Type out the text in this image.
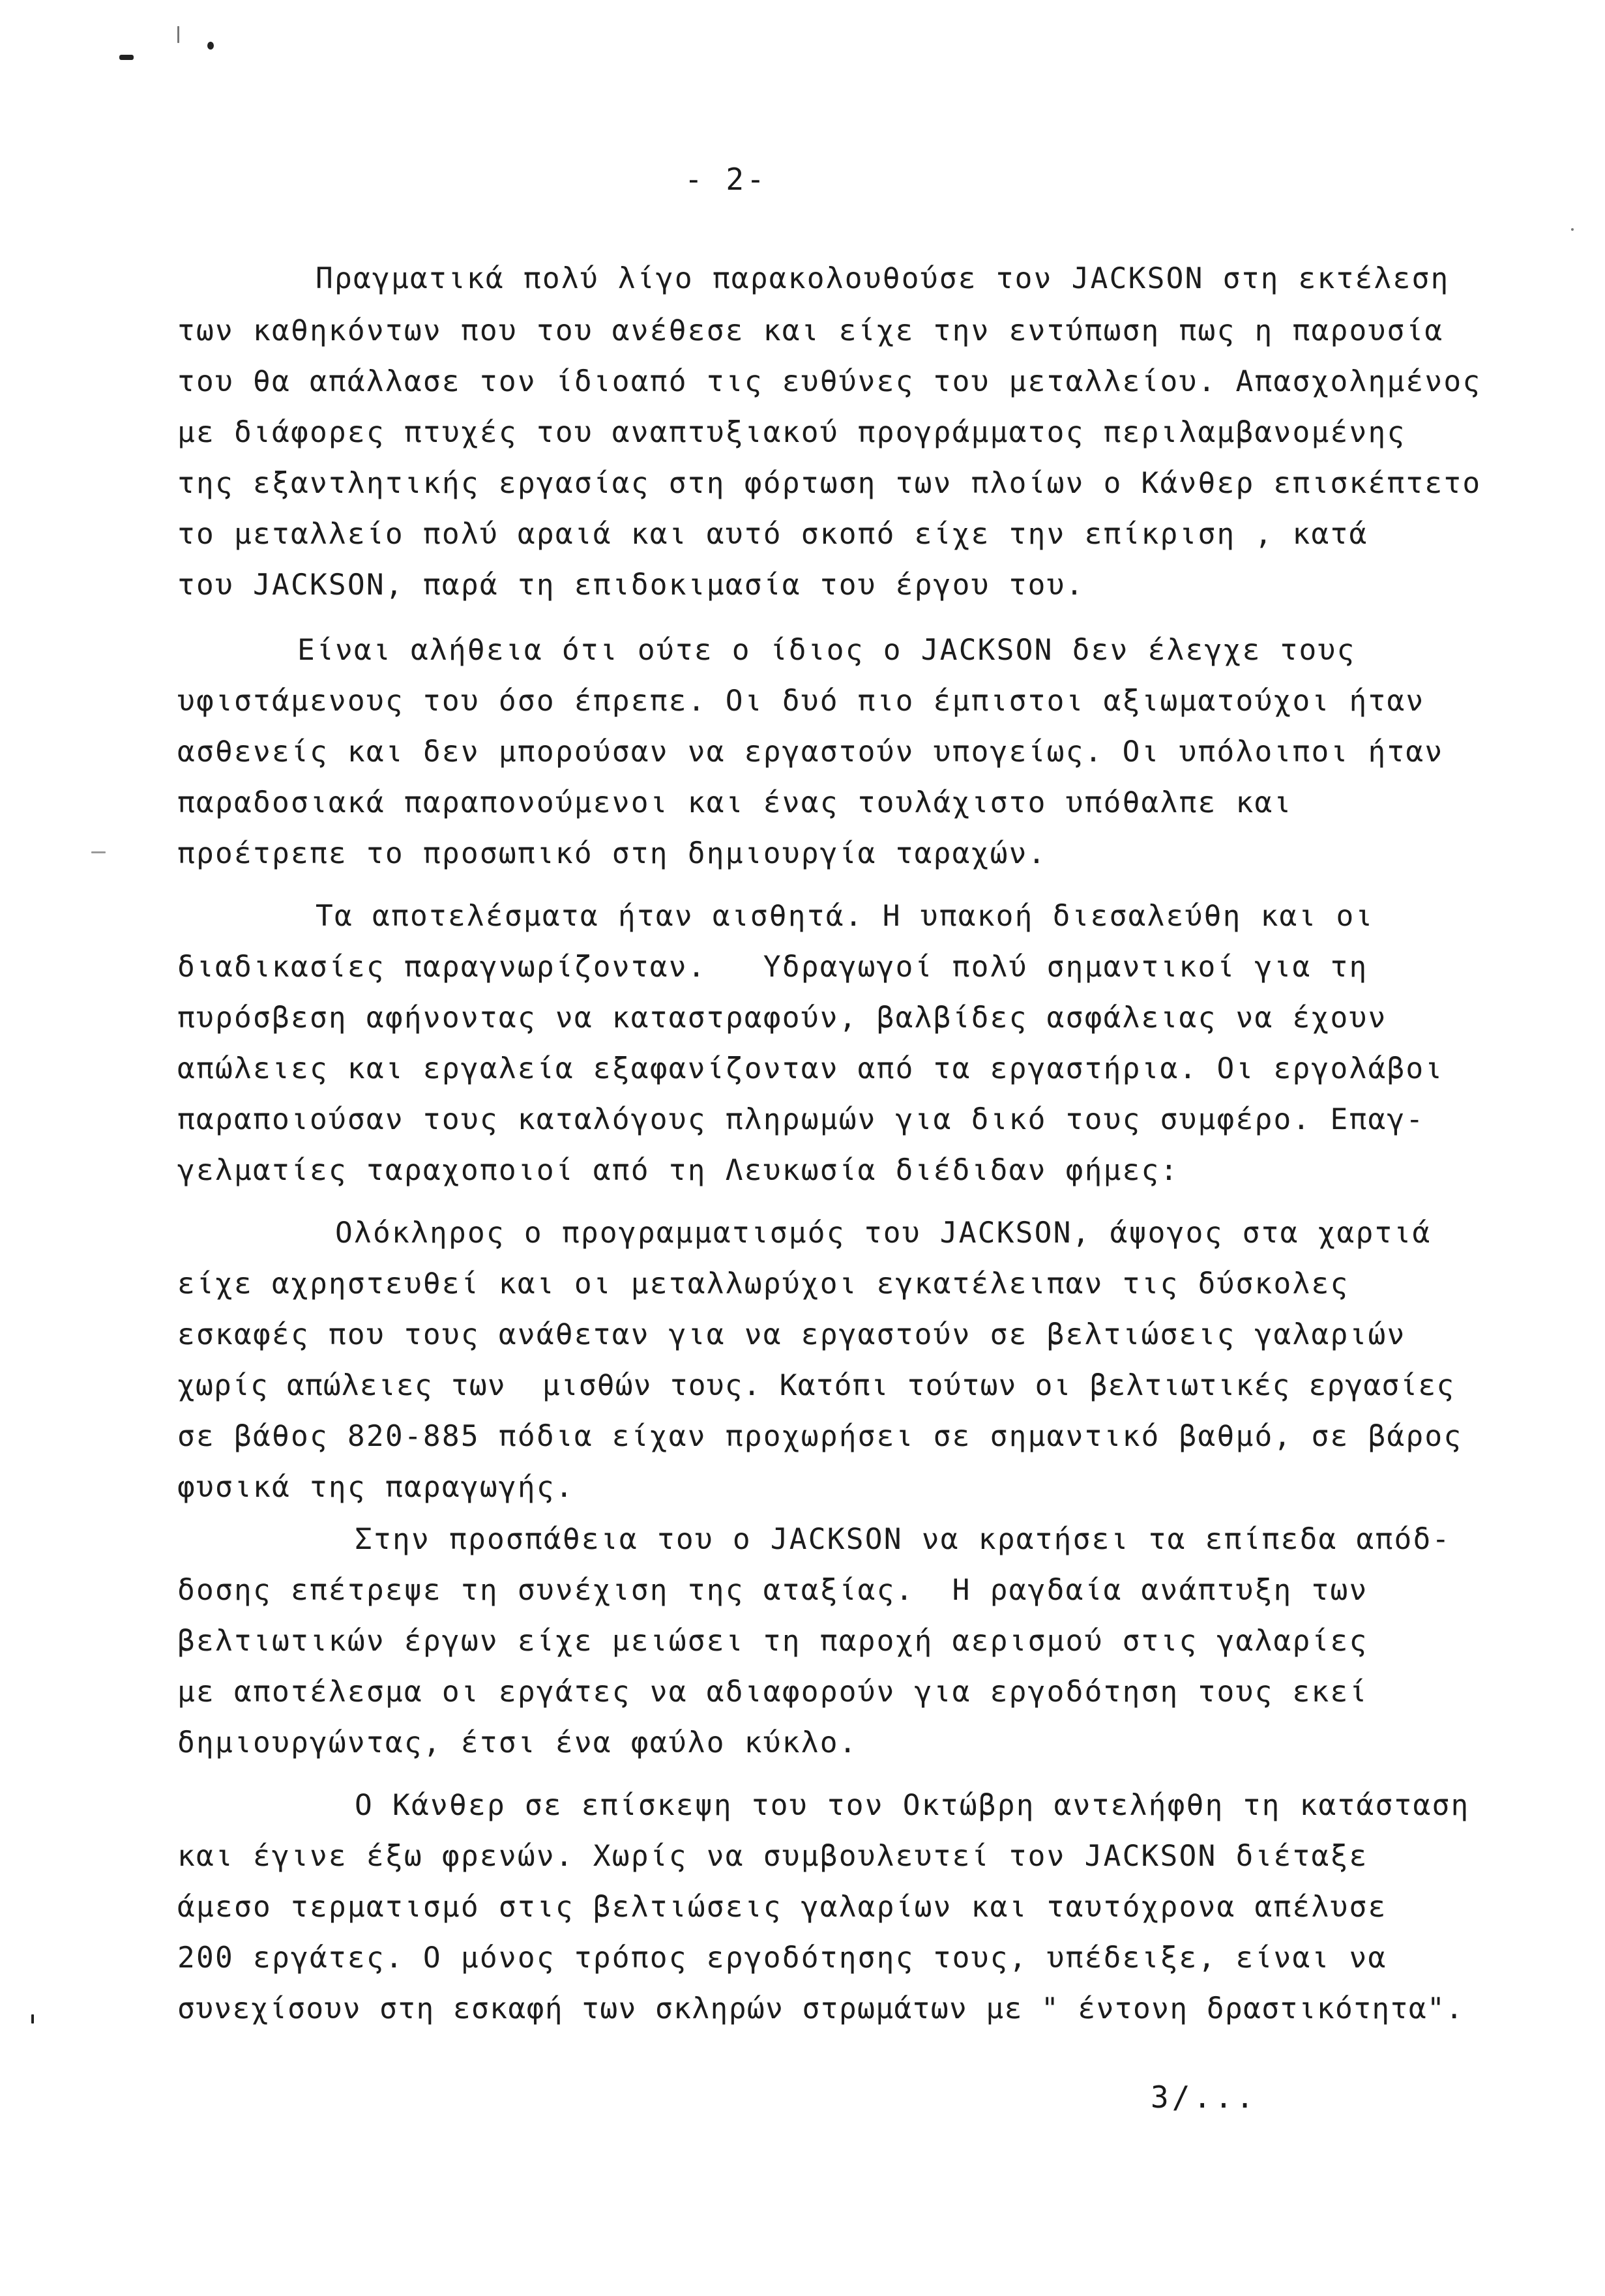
- 2-
Πραγματικά πολύ λίγο παρακολουθούσε τον JACKSON στη εκτέλεση
των καθηκόντων που του ανέθεσε και είχε την εντύπωση πως η παρουσία
του θα απάλλασε τον ίδιοαπό τις ευθύνες του μεταλλείου. Απασχολημένος
με διάφορες πτυχές του αναπτυξιακού προγράμματος περιλαμβανομένης
της εξαντλητικής εργασίας στη φόρτωση των πλοίων ο Κάνθερ επισκέπτετο
το μεταλλείο πολύ αραιά και αυτό σκοπό είχε την επίκριση , κατά
του JACKSON, παρά τη επιδοκιμασία του έργου του.
Είναι αλήθεια ότι ούτε ο ίδιος ο JACKSON δεν έλεγχε τους
υφιστάμενους του όσο έπρεπε. Οι δυό πιο έμπιστοι αξιωματούχοι ήταν
ασθενείς και δεν μπορούσαν να εργαστούν υπογείως. Οι υπόλοιποι ήταν
παραδοσιακά παραπονούμενοι και ένας τουλάχιστο υπόθαλπε και
προέτρεπε το προσωπικό στη δημιουργία ταραχών.
Τα αποτελέσματα ήταν αισθητά. Η υπακοή διεσαλεύθη και οι
διαδικασίες παραγνωρίζονταν.   Υδραγωγοί πολύ σημαντικοί για τη
πυρόσβεση αφήνοντας να καταστραφούν, βαλβίδες ασφάλειας να έχουν
απώλειες και εργαλεία εξαφανίζονταν από τα εργαστήρια. Οι εργολάβοι
παραποιούσαν τους καταλόγους πληρωμών για δικό τους συμφέρο. Επαγ-
γελματίες ταραχοποιοί από τη Λευκωσία διέδιδαν φήμες:
Ολόκληρος ο προγραμματισμός του JACKSON, άψογος στα χαρτιά
είχε αχρηστευθεί και οι μεταλλωρύχοι εγκατέλειπαν τις δύσκολες
εσκαφές που τους ανάθεταν για να εργαστούν σε βελτιώσεις γαλαριών
χωρίς απώλειες των  μισθών τους. Κατόπι τούτων οι βελτιωτικές εργασίες
σε βάθος 820-885 πόδια είχαν προχωρήσει σε σημαντικό βαθμό, σε βάρος
φυσικά της παραγωγής.
Στην προσπάθεια του ο JACKSON να κρατήσει τα επίπεδα απόδ-
δοσης επέτρεψε τη συνέχιση της αταξίας.  Η ραγδαία ανάπτυξη των
βελτιωτικών έργων είχε μειώσει τη παροχή αερισμού στις γαλαρίες
με αποτέλεσμα οι εργάτες να αδιαφορούν για εργοδότηση τους εκεί
δημιουργώντας, έτσι ένα φαύλο κύκλο.
Ο Κάνθερ σε επίσκεψη του τον Οκτώβρη αντελήφθη τη κατάσταση
και έγινε έξω φρενών. Χωρίς να συμβουλευτεί τον JACKSON διέταξε
άμεσο τερματισμό στις βελτιώσεις γαλαρίων και ταυτόχρονα απέλυσε
200 εργάτες. Ο μόνος τρόπος εργοδότησης τους, υπέδειξε, είναι να
συνεχίσουν στη εσκαφή των σκληρών στρωμάτων με " έντονη δραστικότητα".
3/...
